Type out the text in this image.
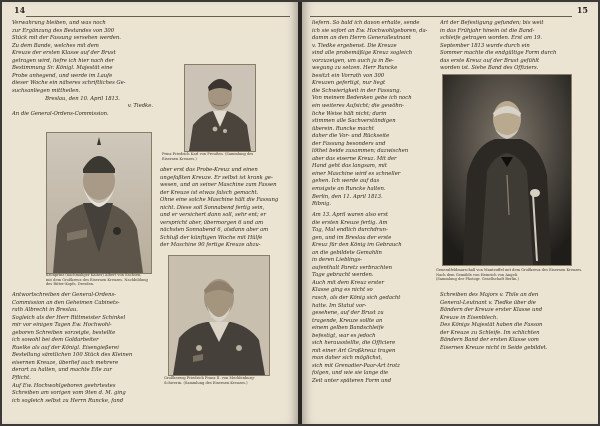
14
Verwahrung bleiben, und was noch
zur Ergänzung des Bestandes von 300
Stück mit der Fassung versehen werden.
Zu dem Bande, welches mit dem
Kreuze der ersten Klasse auf der Brust
getragen wird, liefre ich hier nach der
Bestimmung Sr. Königl. Majestät eine
Probe anhegend, und werde im Laufe
dieser Woche ein näheres schriftliches Ge-
suchsanliegen mittheilen.
Breslau, den 10. April 1813.
v. Tiedke.
An die General-Ordens-Commission.
Kronprinz (nachmaliger Kaiser) Albert von Sachsen,
mit dem Großkreuz des Eisernen Kreuzes. Nachbildung
des Ritter-Kopfs, Dresden.
Antwortschreiben der General-Ordens-
Commission an den Geheimen Cabinets-
rath Albrecht in Breslau.
Sogleich als der Herr Rittmeister Schinkel
mir vor einigen Tagen Ew. Hochwohl-
geboren Schreiben vorzeigte, bestellte
ich sowohl bei dem Goldarbeiter
Ruelke als auf der Königl. Eisengießerei
Bestellung sämtlichen 100 Stück des Kleinen
eisernen Kreuze, überlief auch mehrere
derart zu halten, und machte Eile zur
Pflicht.
Auf Ew. Hochwohlgeboren geehrtestes
Schreiben am vorigen vom 9ten d. M. ging
ich sogleich selbst zu Herrn Runcke, fand
Prinz Friedrich Karl von Preußen. (Sammlung des
Eisernen Kreuzes.)
aber erst das Probe-Kreuz und einen
ungefaßten Kreuze. Er selbst ist krank ge-
wesen, und an seiner Maschine zum Fassen
der Kreuze ist etwas falsch gemacht.
Ohne eine solche Maschine hält die Fassung
nicht. Diese soll Sonnabend fertig sein,
und er versichert dann soll, sehr ent; er
verspricht aber, übermorgen 6 und am
nächsten Sonnabend 6, alsdann aber am
Schluß der künftigen Woche mit Hülfe
der Maschine 90 fertige Kreuze abzu-
Großherzog Friedrich Franz II. von Mecklenburg-
Schwerin. (Sammlung des Eisernen Kreuzes.)
15
liefern. So bald ich davon erhalte, sende
ich sie sofort an Ew. Hochwohlgeboren, da-
damm an den Herrn Generalleutnant
v. Tiedke ergebenst. Die Kreuze
sind alle probemäßige Kreuz sogleich
vorzuzeigen, um auch ja in Be-
wegung zu setzen. Herr Runcke
besitzt ein Vorrath von 300
Kreuzen gefertigt, nur liegt
die Schwierigkeit in der Fassung.
Von meinem Bedenken gebe ich noch
ein weiteres Aufsicht; die gewöhn-
liche Weise hält nicht; darin
stimmen alle Sachverständigen
überein. Runcke macht
daher die Vor- und Rückseite
der Fassung besonders und
löthet beide zusammen; dazwischen
aber das eiserne Kreuz. Mit der
Hand geht das langsam, mit
einer Maschine wird es schneller
gehen. Ich werde auf das
emsigste an Runcke halten.
Berlin, den 11. April 1813.
Ribnig.
Am 13. April waren also erst
die ersten Kreuze fertig. Am
Tag, Mal endlich durchdrun-
gen, und im Breslau der erste
Kreuz für den König im Gebrauch
an die gebildete Gemahlin
in deren Lieblings-
aufenthalt Paretz verbrachten
Tage gebracht werden.
Auch mit dem Kreuz erster
Klasse ging es nicht so
rasch, als der König sich gedacht
hatte. Im Statut vor-
gesehene, auf der Brust zu
tragende, Kreuze sollte an
einem gelben Bandschleife
befestigt, war es jedoch
sich herausstellte, die Officiere
mit einer Art Großkreuz tragen
man daher sich möglichst,
sich mit Grenadier-Paar-Art trotz
folgen, und wie sie lange die
Zeit unter späteren Form und
Art der Befestigung gefunden; bis weit
in das Frühjahr hinein ist die Band-
schleife getragen worden. Erst am 19.
September 1813 wurde durch ein
Sommer machte die endgültige Form durch
das erste Kreuz auf der Brust gefühlt
worden ist. Siehe Band des Offiziers.
Generalfeldmarschall von Manteuffel mit dem Großkreuz des Eisernen Kreuzes.
Nach dem Gemälde von Heinrich von Angeli.
(Sammlung der Photogr. Gesellschaft Berlin.)
Schreiben des Majors v. Thile an den
General-Leutnant v. Tiedke über die
Bändern der Kreuze erster Klasse und
Kreuze in Eisenblech.
Des Königs Majestät haben die Fasson
der Kreuze zu Schleife. Im schlichten
Bändern Band der ersten Klasse vom
Eisernen Kreuze nicht in Seide gebildet.
